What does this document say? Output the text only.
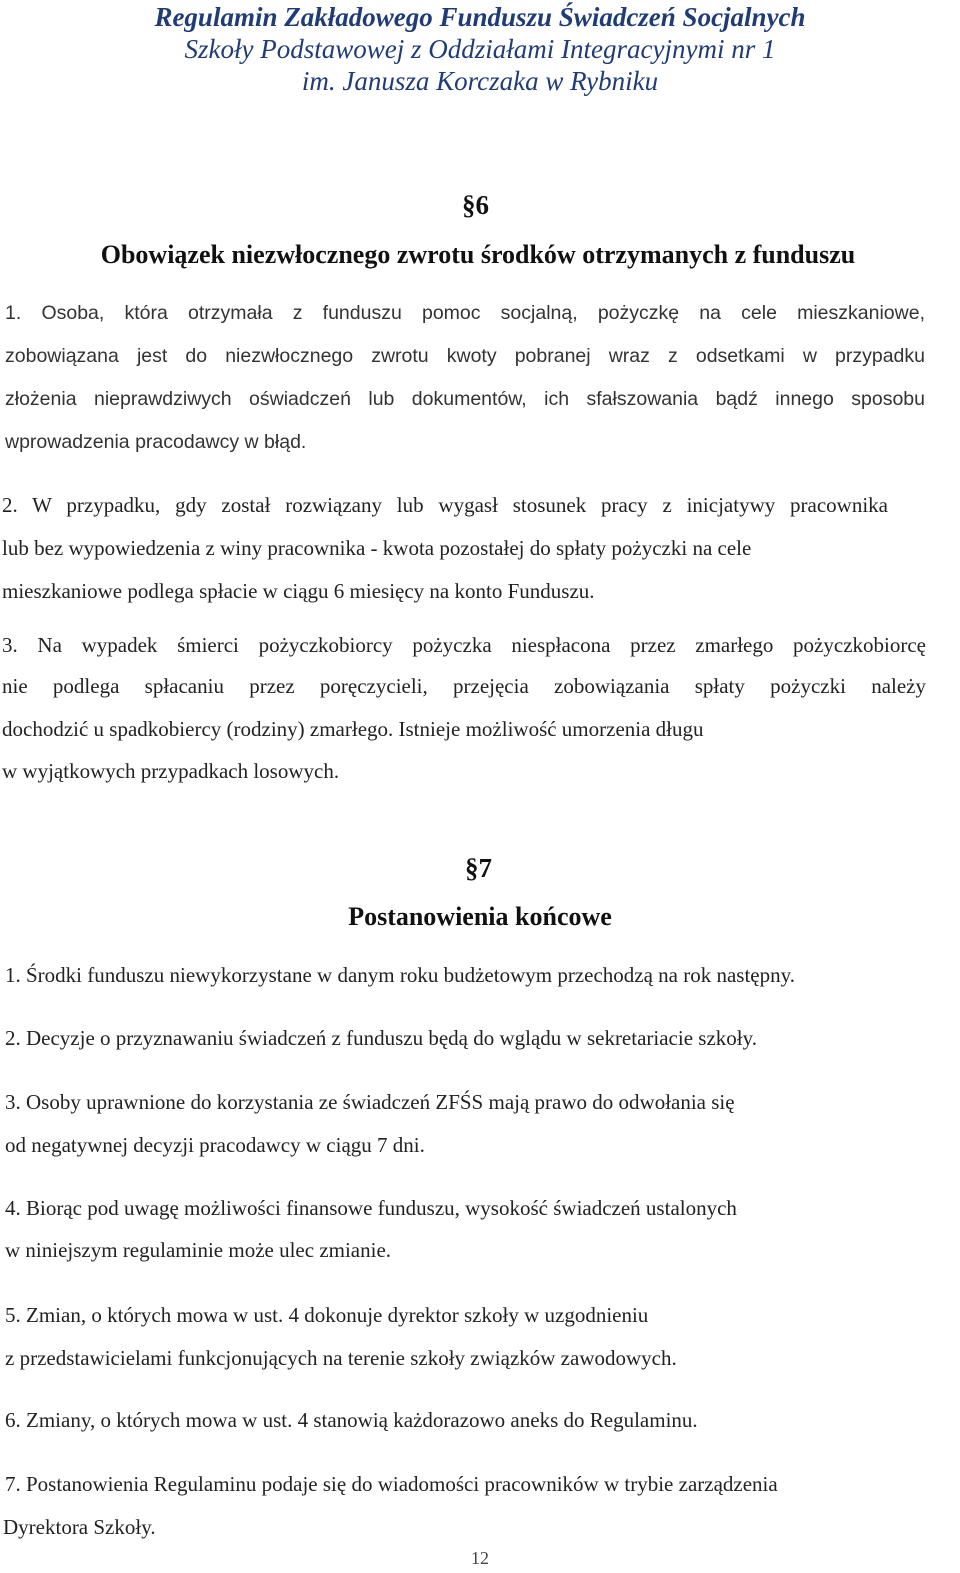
Regulamin Zakładowego Funduszu Świadczeń Socjalnych
Szkoły Podstawowej z Oddziałami Integracyjnymi nr 1
im. Janusza Korczaka w Rybniku
§6
Obowiązek niezwłocznego zwrotu środków otrzymanych z funduszu
1. Osoba, która otrzymała z funduszu pomoc socjalną, pożyczkę na cele mieszkaniowe,
zobowiązana jest do niezwłocznego zwrotu kwoty pobranej wraz z odsetkami w przypadku
złożenia nieprawdziwych oświadczeń lub dokumentów, ich sfałszowania bądź innego sposobu
wprowadzenia pracodawcy w błąd.
2. W przypadku, gdy został rozwiązany lub wygasł stosunek pracy z inicjatywy pracownika
lub bez wypowiedzenia z winy pracownika - kwota pozostałej do spłaty pożyczki na cele
mieszkaniowe podlega spłacie w ciągu 6 miesięcy na konto Funduszu.
3. Na wypadek śmierci pożyczkobiorcy pożyczka niespłacona przez zmarłego pożyczkobiorcę
nie podlega spłacaniu przez poręczycieli, przejęcia zobowiązania spłaty pożyczki należy
dochodzić u spadkobiercy (rodziny) zmarłego. Istnieje możliwość umorzenia długu
w wyjątkowych przypadkach losowych.
§7
Postanowienia końcowe
1. Środki funduszu niewykorzystane w danym roku budżetowym przechodzą na rok następny.
2. Decyzje o przyznawaniu świadczeń z funduszu będą do wglądu w sekretariacie szkoły.
3. Osoby uprawnione do korzystania ze świadczeń ZFŚS mają prawo do odwołania się
od negatywnej decyzji pracodawcy w ciągu 7 dni.
4. Biorąc pod uwagę możliwości finansowe funduszu, wysokość świadczeń ustalonych
w niniejszym regulaminie może ulec zmianie.
5. Zmian, o których mowa w ust. 4 dokonuje dyrektor szkoły w uzgodnieniu
z przedstawicielami funkcjonujących na terenie szkoły związków zawodowych.
6. Zmiany, o których mowa w ust. 4 stanowią każdorazowo aneks do Regulaminu.
7. Postanowienia Regulaminu podaje się do wiadomości pracowników w trybie zarządzenia
Dyrektora Szkoły.
12
